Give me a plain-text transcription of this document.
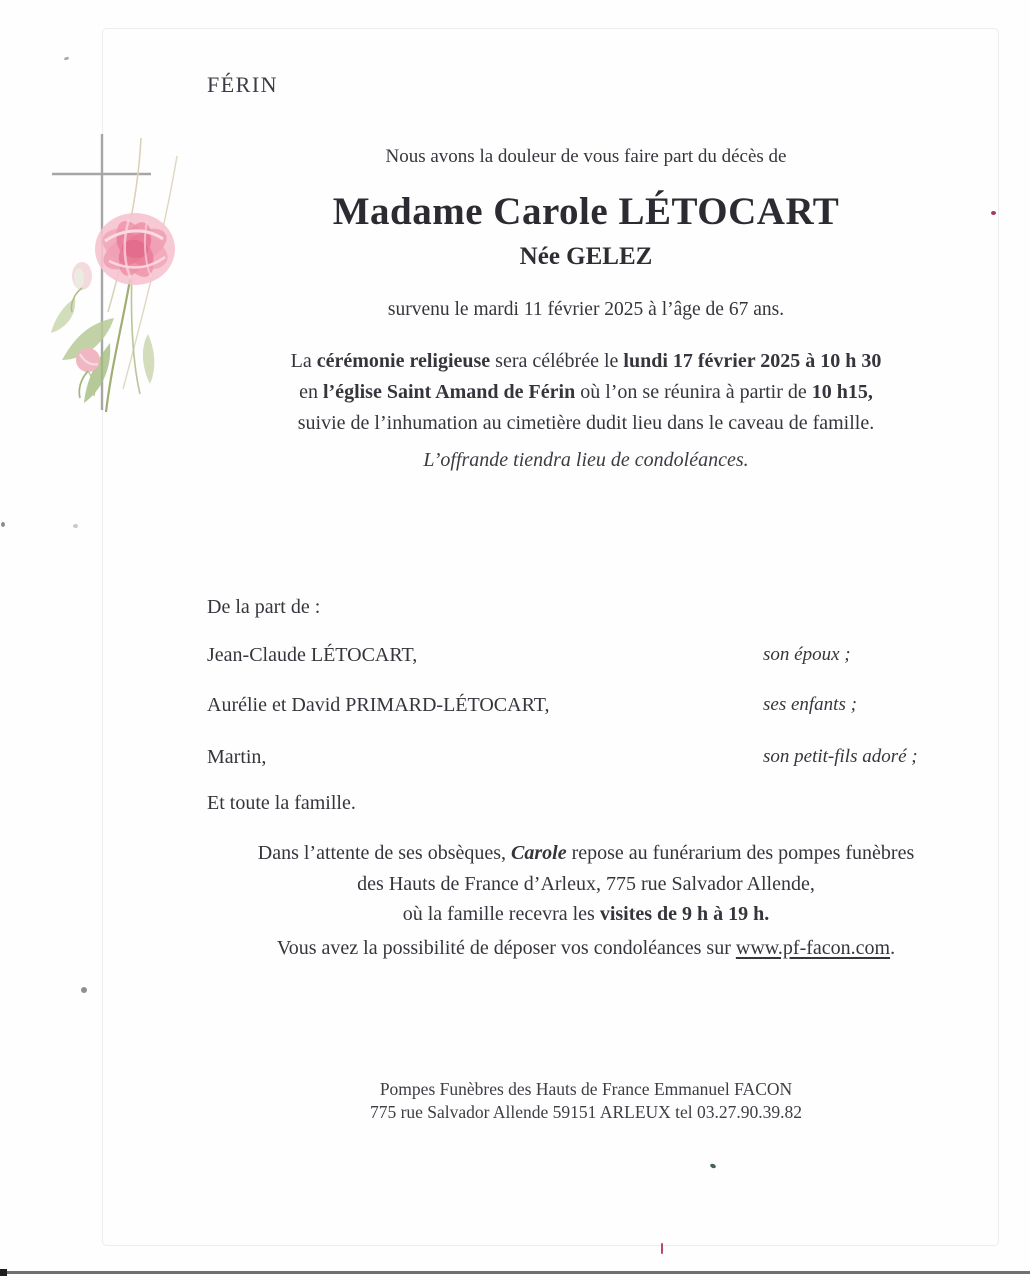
FÉRIN
Nous avons la douleur de vous faire part du décès de
Madame Carole LÉTOCART
Née GELEZ
survenu le mardi 11 février 2025 à l’âge de 67 ans.
La cérémonie religieuse sera célébrée le lundi 17 février 2025 à 10 h 30
en l’église Saint Amand de Férin où l’on se réunira à partir de 10 h15,
suivie de l’inhumation au cimetière dudit lieu dans le caveau de famille.
L’offrande tiendra lieu de condoléances.
De la part de :
Jean-Claude LÉTOCART,	son époux ;
Aurélie et David PRIMARD-LÉTOCART,	ses enfants ;
Martin,	son petit-fils adoré ;
Et toute la famille.
Dans l’attente de ses obsèques, Carole repose au funérarium des pompes funèbres
des Hauts de France d’Arleux, 775 rue Salvador Allende,
où la famille recevra les visites de 9 h à 19 h.
Vous avez la possibilité de déposer vos condoléances sur www.pf-facon.com.
Pompes Funèbres des Hauts de France Emmanuel FACON
775 rue Salvador Allende 59151 ARLEUX tel 03.27.90.39.82
